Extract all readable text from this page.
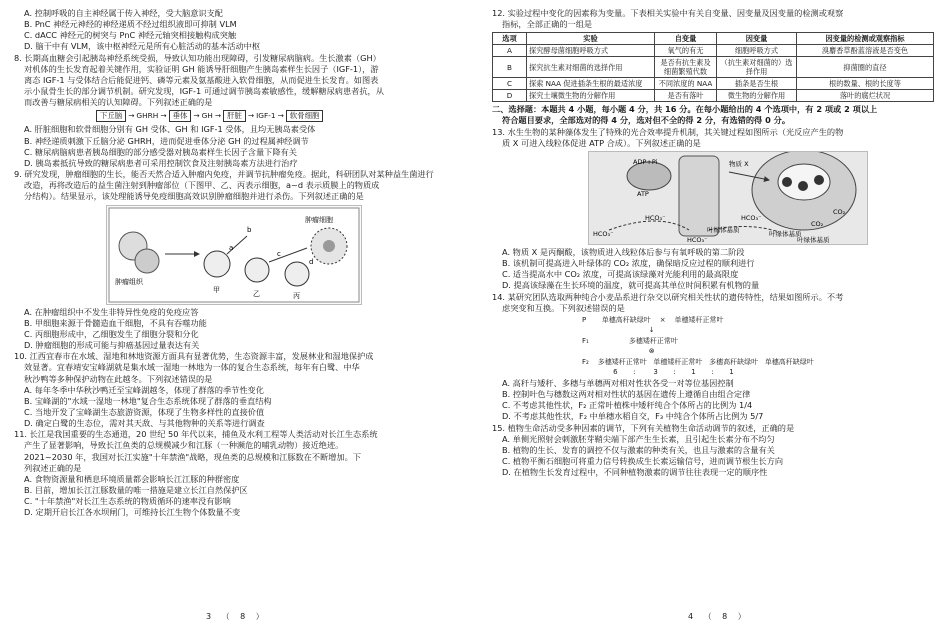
A. 控制呼吸的自主神经属于传入神经，受大脑意识支配
B. PnC 神经元神经的神经递质不经过组织液即可抑制 VLM
C. dACC 神经元的树突与 PnC 神经元轴突相接触构成突触
D. 脑干中有 VLM，该中枢神经元是所有心脏活动的基本活动中枢
8. 长期高血糖会引起胰岛神经系统受损，导致认知功能出现障碍，引发糖尿病脑病。生长激素（GH）
对机体的生长发育起着关键作用，实验证明 GH 能诱导肝细胞产生胰岛素样生长因子（IGF-1），游
离态 IGF-1 与受体结合后能促进钙、磷等元素及氨基酸进入软骨细胞，从而促进生长发育。如图表
示小鼠骨生长的部分调节机制。研究发现，IGF-1 可通过调节胰岛素敏感性，缓解糖尿病患者抗，从
而改善与糖尿病相关的认知障碍。下列叙述正确的是
下丘脑 → GHRH → 垂体 → GH → 肝脏 → IGF-1 → 软骨细胞
A. 肝脏细胞和软骨细胞分别有 GH 受体、GH 和 IGF-1 受体，且均无胰岛素受体
B. 神经递质刺激下丘脑分泌 GHRH，进而促进垂体分泌 GH 的过程属神经调节
C. 糖尿病脑病患者胰岛细胞的部分感受器对胰岛素样生长因子含量下降有关
D. 胰岛素抵抗导致的糖尿病患者可采用控制饮食及注射胰岛素方法进行治疗
9. 研究发现，肿瘤细胞的生长，能否天然合适入肿瘤内免疫，并调节抗肿瘤免疫。据此，科研团队对某种益生菌进行
改造，再将改造后的益生菌注射到肿瘤部位（下图甲、乙、丙表示细胞，a~d 表示质膜上的物质成
分结构）。结果显示，该处理能诱导免疫细胞高效识别肿瘤细胞并进行杀伤。下列叙述正确的是
肿瘤细胞
肿瘤组织
甲	乙	丙
a
b
c
d
A. 在肿瘤组织中不发生非特异性免疫的免疫应答
B. 甲细胞来源于骨髓造血干细胞，不具有吞噬功能
C. 丙细胞形成中，乙细胞发生了细胞分裂和分化
D. 肿瘤细胞的形成可能与抑癌基因过量表达有关
10. 江西宜春市在水域、湿地和林地资源方面具有显著优势，生态资源丰富，发展林业和湿地保护成
效显著。宜春靖安宝峰湖就是集水域一湿地一林地为一体的复合生态系统，每年有白鹭、中华
秋沙鸭等多种保护动物在此越冬。下列叙述错误的是
A. 每年冬季中华秋沙鸭迁至宝峰湖越冬，体现了群落的季节性变化
B. 宝峰湖的"水域一湿地一林地"复合生态系统体现了群落的垂直结构
C. 当地开发了宝峰湖生态旅游资源，体现了生物多样性的直接价值
D. 确定白鹭的生态位，需对其天敌、与其他物种的关系等进行调查
11. 长江是我国重要的生态通道，20 世纪 50 年代以来，捕鱼及水利工程等人类活动对长江生态系统
产生了显著影响，导致长江鱼类的总规模减少和江豚（一种濒危的哺乳动物）接近绝迹。
2021~2030 年，我国对长江实施"十年禁渔"战略，现鱼类的总规模和江豚数在不断增加。下
列叙述正确的是
A. 食物资源量和栖息环境质量都会影响长江江豚的种群密度
B. 目前，增加长江江豚数量的唯一措施是建立长江自然保护区
C. "十年禁渔"对长江生态系统的物质循环的速率没有影响
D. 定期开启长江各水坝闸门，可维持长江生物个体数量不变
3 （ 8 ）
12. 实验过程中变化的因素称为变量。下表相关实验中有关自变量、因变量及因变量的检测或观察
指标，全部正确的一组是
选项	实验	自变量	因变量	因变量的检测或观察指标
A	探究酵母菌细胞呼吸方式	氧气的有无	细胞呼吸方式	溴麝香草酚蓝溶液是否变色
B	探究抗生素对细菌的选择作用	是否有抗生素及细菌繁殖代数	（抗生素对细菌的）选择作用	抑菌圈的直径
C	探索 NAA 促进插条生根的最适浓度	不同浓度的 NAA	插条是否生根	根的数量、根的长度等
D	探究土壤微生物的分解作用	是否有落叶	微生物的分解作用	落叶的腐烂状况
二、选择题：本题共 4 小题，每小题 4 分，共 16 分。在每小题给出的 4 个选项中，有 2 项或 2 项以上
符合题目要求，全部选对的得 4 分，选对但不全的得 2 分，有选错的得 0 分。
13. 水生生物的某种藻体发生了特殊的光合效率提升机制，其关键过程如图所示（光反应产生的物
质 X 可进入线粒体促进 ATP 合成）。下列叙述正确的是
物质 X
ATP
ADP+Pi
HCO₃⁻
HCO₃⁻
HCO₃⁻
HCO₃⁻
CO₂
CO₂
叶绿体基质	叶绿体基质
叶绿体基质
A. 物质 X 是丙酮酸，该物质进入线粒体后参与有氧呼吸的第二阶段
B. 该机制可提高进入叶绿体的 CO₂ 浓度，确保暗反应过程的顺利进行
C. 适当提高水中 CO₂ 浓度，可提高该绿藻对光能利用的最高限度
D. 提高该绿藻在生长环境的温度，就可提高其单位时间积累有机物的量
14. 某研究团队选取两种纯合小麦品系进行杂交以研究相关性状的遗传特性，结果如图所示。不考
虑突变和互换。下列叙述错误的是
P       单穗高秆缺绿叶    ×    单穗矮秆正常叶
↓
F₁                  多穗矮秆正常叶
⊗
F₂    多穗矮秆正常叶   单穗矮秆正常叶   多穗高秆缺绿叶   单穗高秆缺绿叶
6       :        3       :       1       :       1
A. 高秆与矮秆、多穗与单穗两对相对性状各受一对等位基因控制
B. 控制叶色与穗数这两对相对性状的基因在遗传上遵循自由组合定律
C. 不考虑其他性状，F₂ 正常叶植株中矮秆纯合个体所占的比例为 1/4
D. 不考虑其他性状，F₂ 中单穗水稻自交，F₃ 中纯合个体所占比例为 5/7
15. 植物生命活动受多种因素的调节，下列有关植物生命活动调节的叙述，正确的是
A. 单侧光照射会刺激胚芽鞘尖端下部产生生长素，且引起生长素分布不均匀
B. 植物的生长、发育的调控不仅与激素的种类有关，也且与激素的含量有关
C. 植物平衡石细胞可将重力信号转换成生长素运输信号，进而调节根生长方向
D. 在植物生长发育过程中，不同种植物激素的调节往往表现一定的顺序性
4 （ 8 ）
